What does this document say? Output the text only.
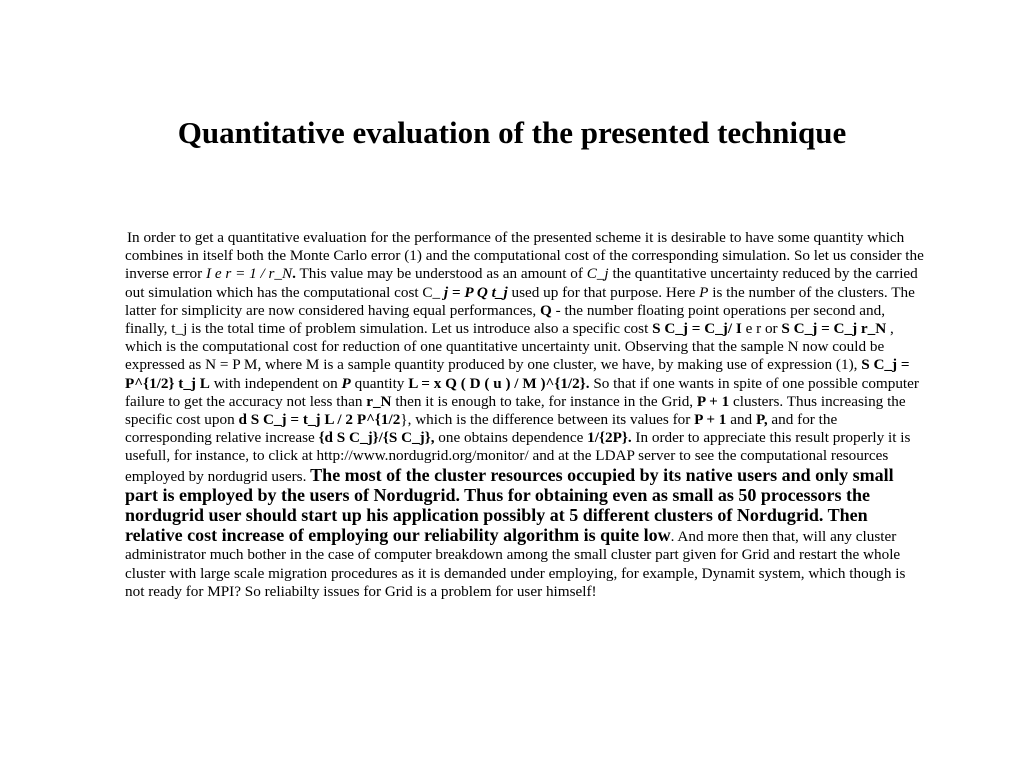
Quantitative evaluation of the presented technique

In order to get a quantitative evaluation for the performance of the presented scheme it is desirable to have some quantity which combines in itself both the Monte Carlo error (1) and the computational cost of the corresponding simulation. So let us consider the inverse error I e r = 1 / r_N. This value may be understood as an amount of C_j the quantitative uncertainty reduced by the carried out simulation which has the computational cost C_ j = P Q t_j used up for that purpose. Here P is the number of the clusters. The latter for simplicity are now considered having equal performances, Q - the number floating point operations per second and, finally, t_j is the total time of problem simulation. Let us introduce also a specific cost S C_j = C_j/ I e r or S C_j = C_j r_N , which is the computational cost for reduction of one quantitative uncertainty unit. Observing that the sample N now could be expressed as N = P M, where M is a sample quantity produced by one cluster, we have, by making use of expression (1), S C_j = P^{1/2} t_j L with independent on P quantity L = x Q ( D ( u ) / M )^{1/2}. So that if one wants in spite of one possible computer failure to get the accuracy not less than r_N then it is enough to take, for instance in the Grid, P + 1 clusters. Thus increasing the specific cost upon d S C_j = t_j L / 2 P^{1/2}, which is the difference between its values for P + 1 and P, and for the corresponding relative increase {d S C_j}/{S C_j}, one obtains dependence 1/{2P}. In order to appreciate this result properly it is usefull, for instance, to click at http://www.nordugrid.org/monitor/ and at the LDAP server to see the computational resources employed by nordugrid users. The most of the cluster resources occupied by its native users and only small part is employed by the users of Nordugrid. Thus for obtaining even as small as 50 processors the nordugrid user should start up his application possibly at 5 different clusters of Nordugrid. Then relative cost increase of employing our reliability algorithm is quite low. And more then that, will any cluster administrator much bother in the case of computer breakdown among the small cluster part given for Grid and restart the whole cluster with large scale migration procedures as it is demanded under employing, for example, Dynamit system, which though is not ready for MPI? So reliabilty issues for Grid is a problem for user himself!
